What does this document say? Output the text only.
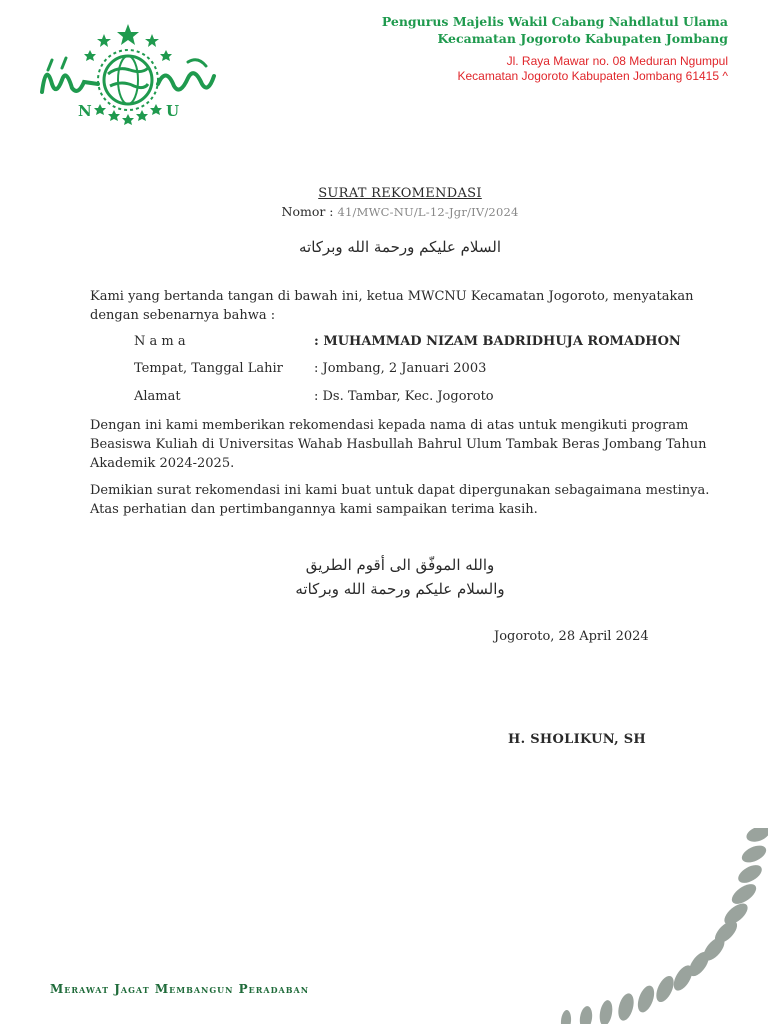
N	U
Pengurus Majelis Wakil Cabang Nahdlatul Ulama
Kecamatan Jogoroto Kabupaten Jombang
Jl. Raya Mawar no. 08 Meduran Ngumpul
Kecamatan Jogoroto Kabupaten Jombang 61415 ^
SURAT REKOMENDASI
Nomor : 41/MWC-NU/L-12-Jgr/IV/2024
السلام عليكم ورحمة الله وبركاته
Kami yang bertanda tangan di bawah ini, ketua MWCNU Kecamatan Jogoroto, menyatakan dengan sebenarnya bahwa :
N a m a	: MUHAMMAD NIZAM BADRIDHUJA ROMADHON
Tempat, Tanggal Lahir : Jombang, 2 Januari 2003
Alamat	: Ds. Tambar, Kec. Jogoroto
Dengan ini kami memberikan rekomendasi kepada nama di atas untuk mengikuti program Beasiswa Kuliah di Universitas Wahab Hasbullah Bahrul Ulum Tambak Beras Jombang Tahun Akademik 2024-2025.
Demikian surat rekomendasi ini kami buat untuk dapat dipergunakan sebagaimana mestinya. Atas perhatian dan pertimbangannya kami sampaikan terima kasih.
والله الموفّق الى أقوم الطريق
والسلام عليكم ورحمة الله وبركاته
Jogoroto, 28 April 2024
H. SHOLIKUN, SH
Merawat Jagat Membangun Peradaban
